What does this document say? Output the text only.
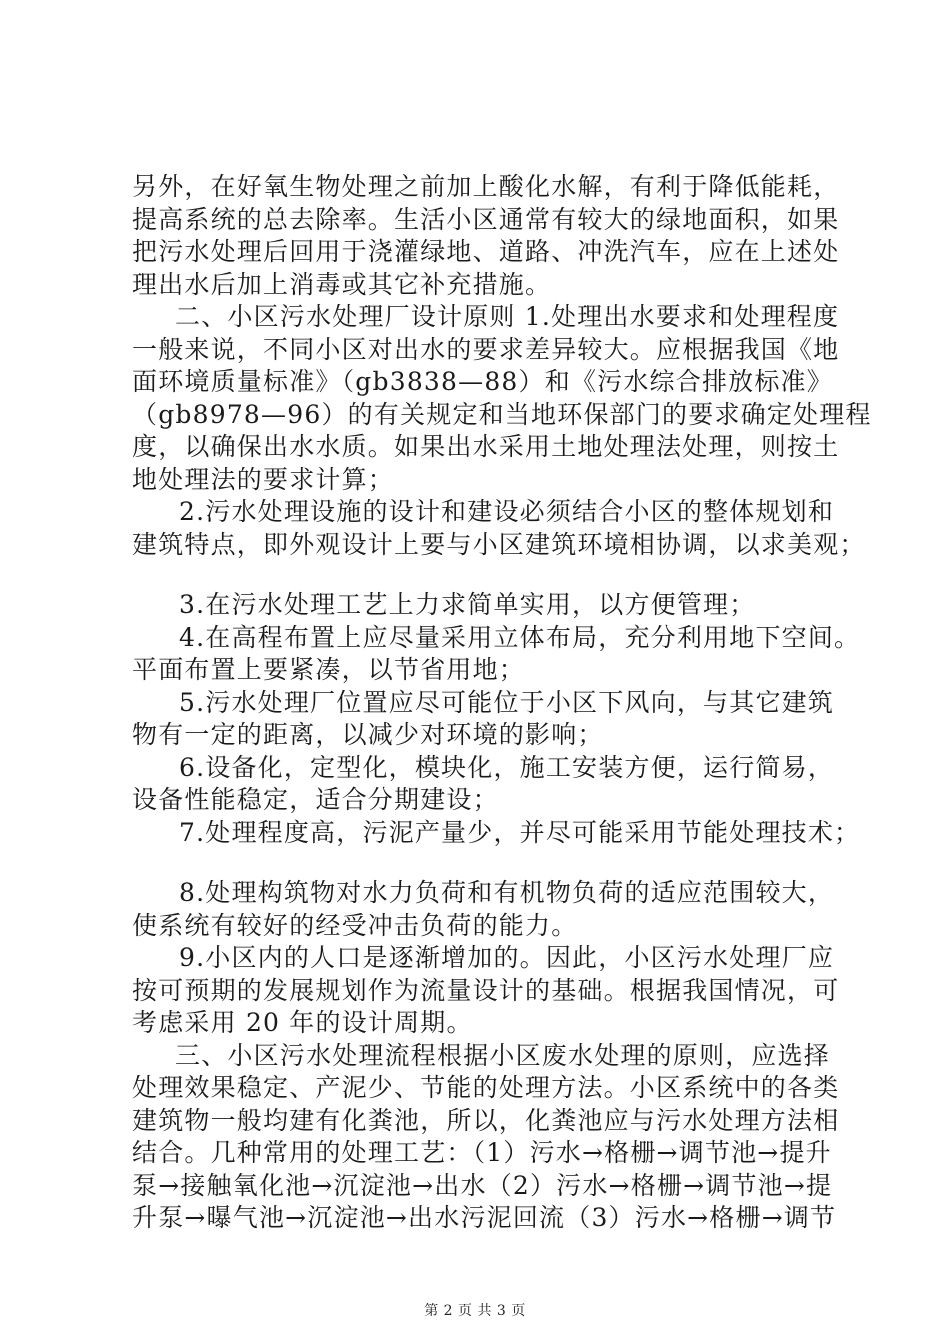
另外，在好氧生物处理之前加上酸化水解，有利于降低能耗，
提高系统的总去除率。生活小区通常有较大的绿地面积，如果
把污水处理后回用于浇灌绿地、道路、冲洗汽车，应在上述处
理出水后加上消毒或其它补充措施。
二、小区污水处理厂设计原则 1.处理出水要求和处理程度
一般来说，不同小区对出水的要求差异较大。应根据我国《地
面环境质量标准》（gb3838—88）和《污水综合排放标准》
（gb8978—96）的有关规定和当地环保部门的要求确定处理程
度，以确保出水水质。如果出水采用土地处理法处理，则按土
地处理法的要求计算；
2.污水处理设施的设计和建设必须结合小区的整体规划和
建筑特点，即外观设计上要与小区建筑环境相协调，以求美观；
3.在污水处理工艺上力求简单实用，以方便管理；
4.在高程布置上应尽量采用立体布局，充分利用地下空间。
平面布置上要紧凑，以节省用地；
5.污水处理厂位置应尽可能位于小区下风向，与其它建筑
物有一定的距离，以减少对环境的影响；
6.设备化，定型化，模块化，施工安装方便，运行简易，
设备性能稳定，适合分期建设；
7.处理程度高，污泥产量少，并尽可能采用节能处理技术；
8.处理构筑物对水力负荷和有机物负荷的适应范围较大，
使系统有较好的经受冲击负荷的能力。
9.小区内的人口是逐渐增加的。因此，小区污水处理厂应
按可预期的发展规划作为流量设计的基础。根据我国情况，可
考虑采用 20 年的设计周期。
三、小区污水处理流程根据小区废水处理的原则，应选择
处理效果稳定、产泥少、节能的处理方法。小区系统中的各类
建筑物一般均建有化粪池，所以，化粪池应与污水处理方法相
结合。几种常用的处理工艺：（1）污水→格栅→调节池→提升
泵→接触氧化池→沉淀池→出水（2）污水→格栅→调节池→提
升泵→曝气池→沉淀池→出水污泥回流（3）污水→格栅→调节
第 2 页 共 3 页
